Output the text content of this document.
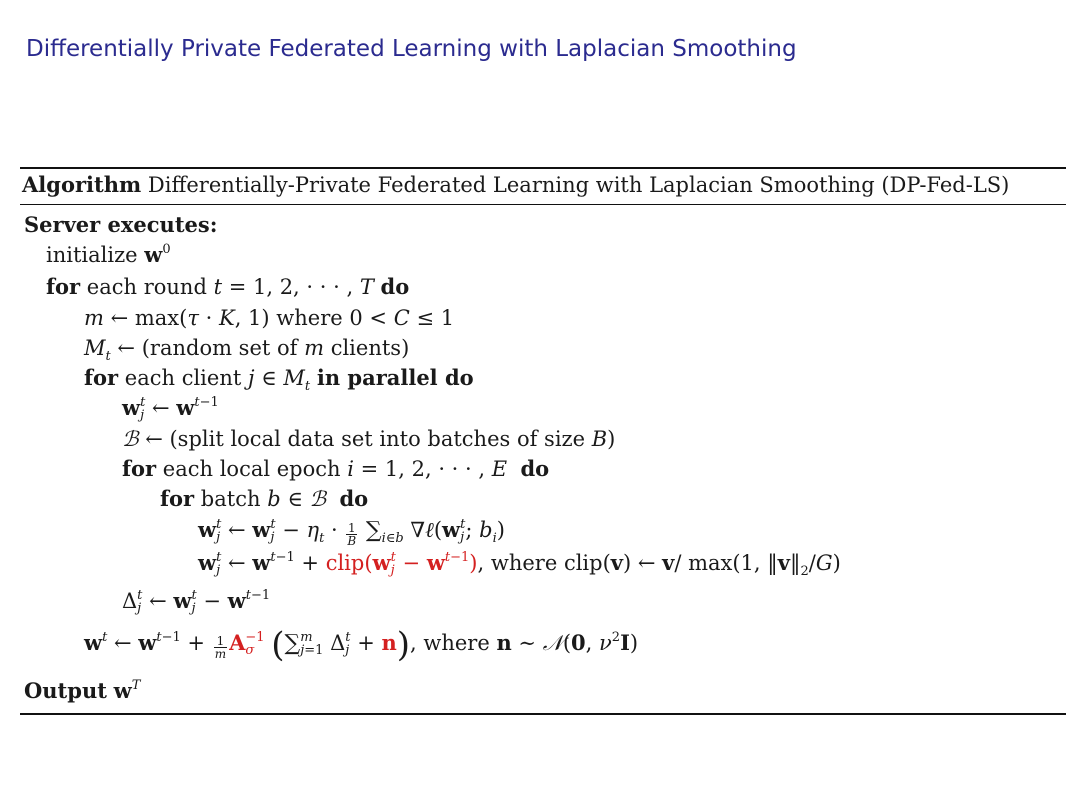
Differentially Private Federated Learning with Laplacian Smoothing
Algorithm Differentially-Private Federated Learning with Laplacian Smoothing (DP-Fed-LS)
Server executes:
initialize $w^0$
for each round t = 1, 2, · · · , T do
m ← max(τ · K, 1) where 0 < C ≤ 1
$M_t$ ← (random set of m clients)
for each client j ∈ $M_t$ in parallel do
w t
j ← $w^{t-1}$
ℬ ← (split local data set into batches of size B)
for each local epoch i = 1, 2, · · · , E do
for batch b ∈ ℬ do
w t
j ← w t
$j - \eta_t \cdot \frac{1}{B} \sum_{i\in b}$ ∇ℓ(w t
j ; $b_i$)
w t
j ← $w^{t-1}$ + clip(w t
$j - w^{t-1}$), where clip(v) ← v/ max(1, $‖v‖_2/G$)
Δ t
j ← w t
$j - w^{t-1}$
$w^t$ ← $w^{t-1} + \frac{1}{m}$ A −1
σ (∑ m
j=1 Δ t
j + n), where n ∼ 𝒩(0, $\nu^2I$)
Output $w^T$
